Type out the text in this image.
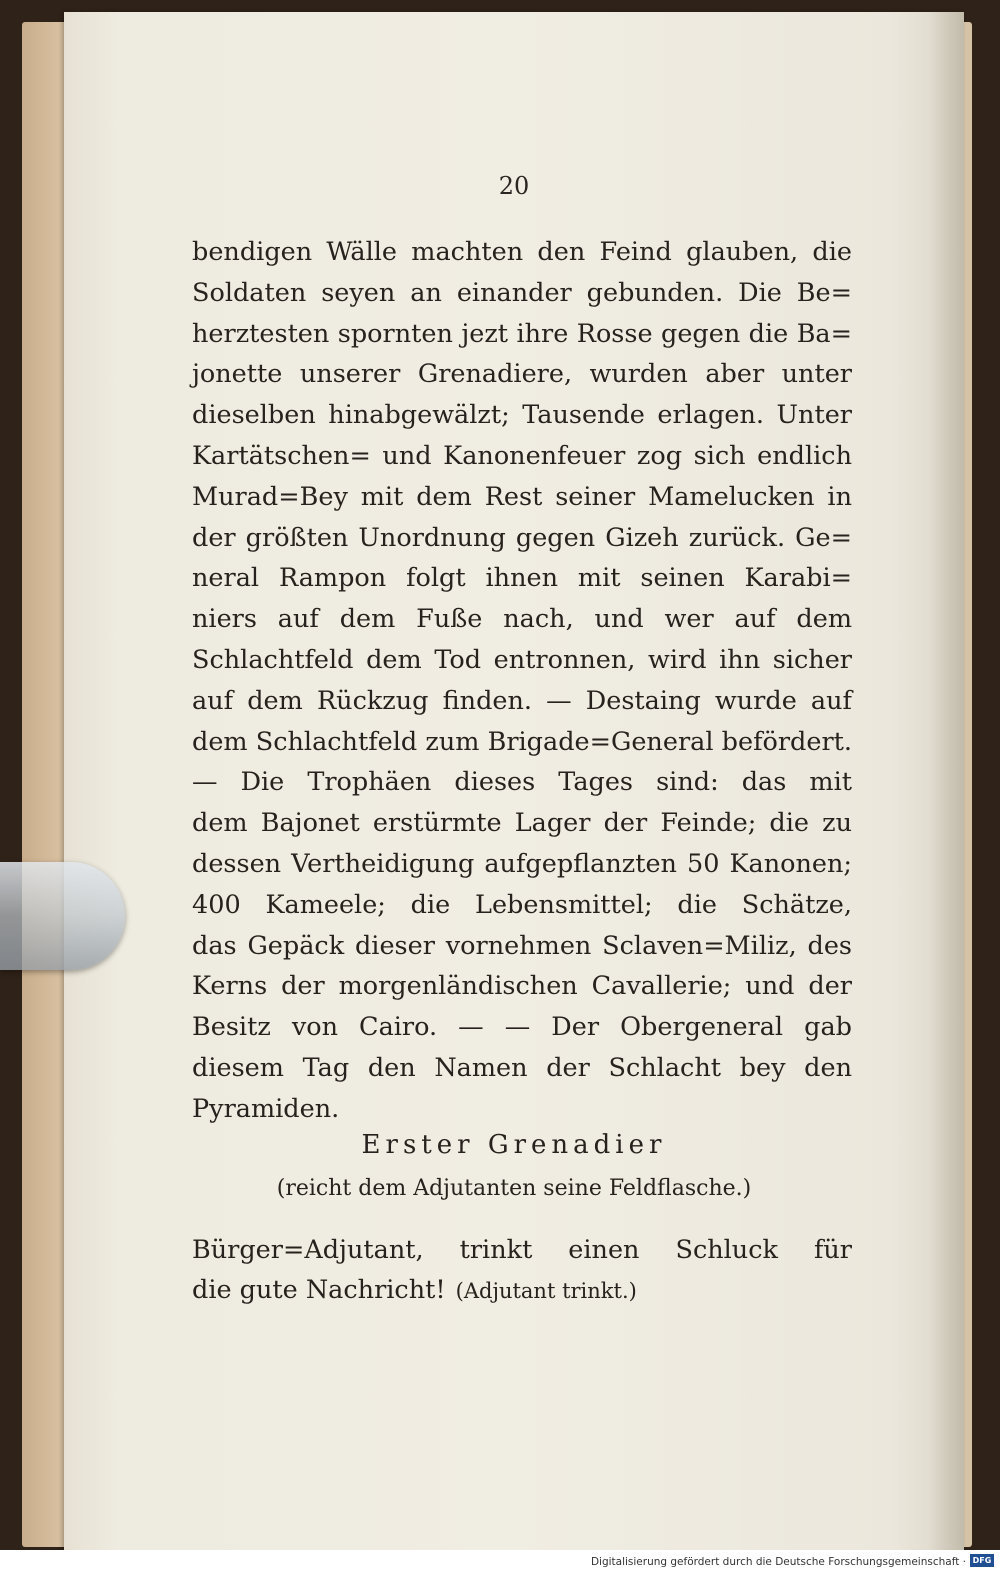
20
bendigen Wälle machten den Feind glauben, die
Soldaten seyen an einander gebunden. Die Be=
herztesten spornten jezt ihre Rosse gegen die Ba=
jonette unserer Grenadiere, wurden aber unter
dieselben hinabgewälzt; Tausende erlagen. Unter
Kartätschen= und Kanonenfeuer zog sich endlich
Murad=Bey mit dem Rest seiner Mamelucken in
der größten Unordnung gegen Gizeh zurück. Ge=
neral Rampon folgt ihnen mit seinen Karabi=
niers auf dem Fuße nach, und wer auf dem
Schlachtfeld dem Tod entronnen, wird ihn sicher
auf dem Rückzug finden. — Destaing wurde auf
dem Schlachtfeld zum Brigade=General befördert.
— Die Trophäen dieses Tages sind: das mit
dem Bajonet erstürmte Lager der Feinde; die zu
dessen Vertheidigung aufgepflanzten 50 Kanonen;
400 Kameele; die Lebensmittel; die Schätze,
das Gepäck dieser vornehmen Sclaven=Miliz, des
Kerns der morgenländischen Cavallerie; und der
Besitz von Cairo. — — Der Obergeneral gab
diesem Tag den Namen der Schlacht bey den
Pyramiden.
Erster Grenadier
(reicht dem Adjutanten seine Feldflasche.)
Bürger=Adjutant, trinkt einen Schluck für
die gute Nachricht! (Adjutant trinkt.)
Digitalisierung gefördert durch die Deutsche Forschungsgemeinschaft · DFG
